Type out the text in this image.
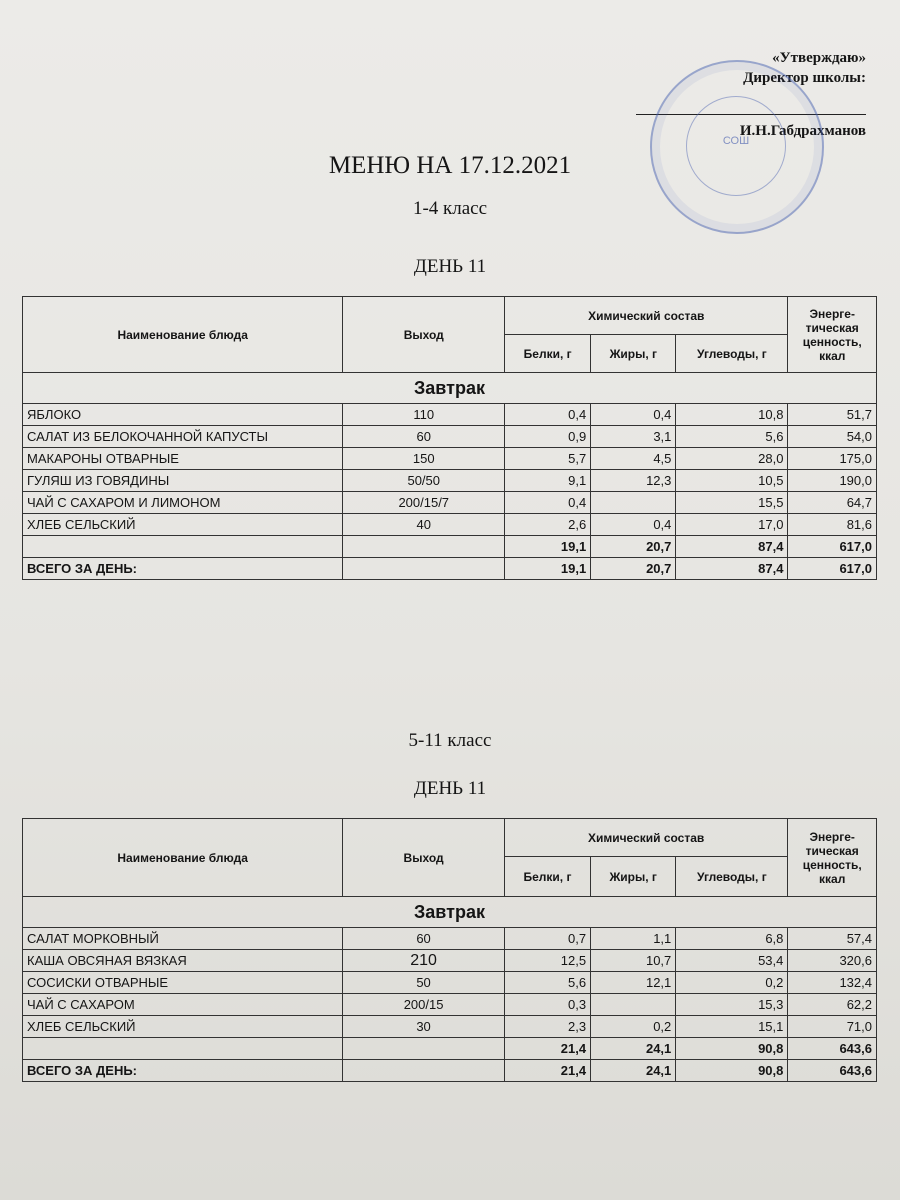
«Утверждаю»
Директор школы:
И.Н.Габдрахманов
СОШ
МЕНЮ НА 17.12.2021
1-4 класс
ДЕНЬ 11
Наименование блюда	Выход	Химический состав			Энерге-тическая ценность, ккал
		Белки, г	Жиры, г	Углеводы, г	
Завтрак					
ЯБЛОКО	110	0,4	0,4	10,8	51,7
САЛАТ ИЗ БЕЛОКОЧАННОЙ КАПУСТЫ	60	0,9	3,1	5,6	54,0
МАКАРОНЫ ОТВАРНЫЕ	150	5,7	4,5	28,0	175,0
ГУЛЯШ ИЗ ГОВЯДИНЫ	50/50	9,1	12,3	10,5	190,0
ЧАЙ С САХАРОМ И ЛИМОНОМ	200/15/7	0,4		15,5	64,7
ХЛЕБ СЕЛЬСКИЙ	40	2,6	0,4	17,0	81,6
		19,1	20,7	87,4	617,0
ВСЕГО ЗА ДЕНЬ:		19,1	20,7	87,4	617,0
5-11 класс
ДЕНЬ 11
Наименование блюда	Выход	Химический состав			Энерге-тическая ценность, ккал
		Белки, г	Жиры, г	Углеводы, г	
Завтрак					
САЛАТ МОРКОВНЫЙ	60	0,7	1,1	6,8	57,4
КАША ОВСЯНАЯ ВЯЗКАЯ	210	12,5	10,7	53,4	320,6
СОСИСКИ ОТВАРНЫЕ	50	5,6	12,1	0,2	132,4
ЧАЙ С САХАРОМ	200/15	0,3		15,3	62,2
ХЛЕБ СЕЛЬСКИЙ	30	2,3	0,2	15,1	71,0
		21,4	24,1	90,8	643,6
ВСЕГО ЗА ДЕНЬ:		21,4	24,1	90,8	643,6
